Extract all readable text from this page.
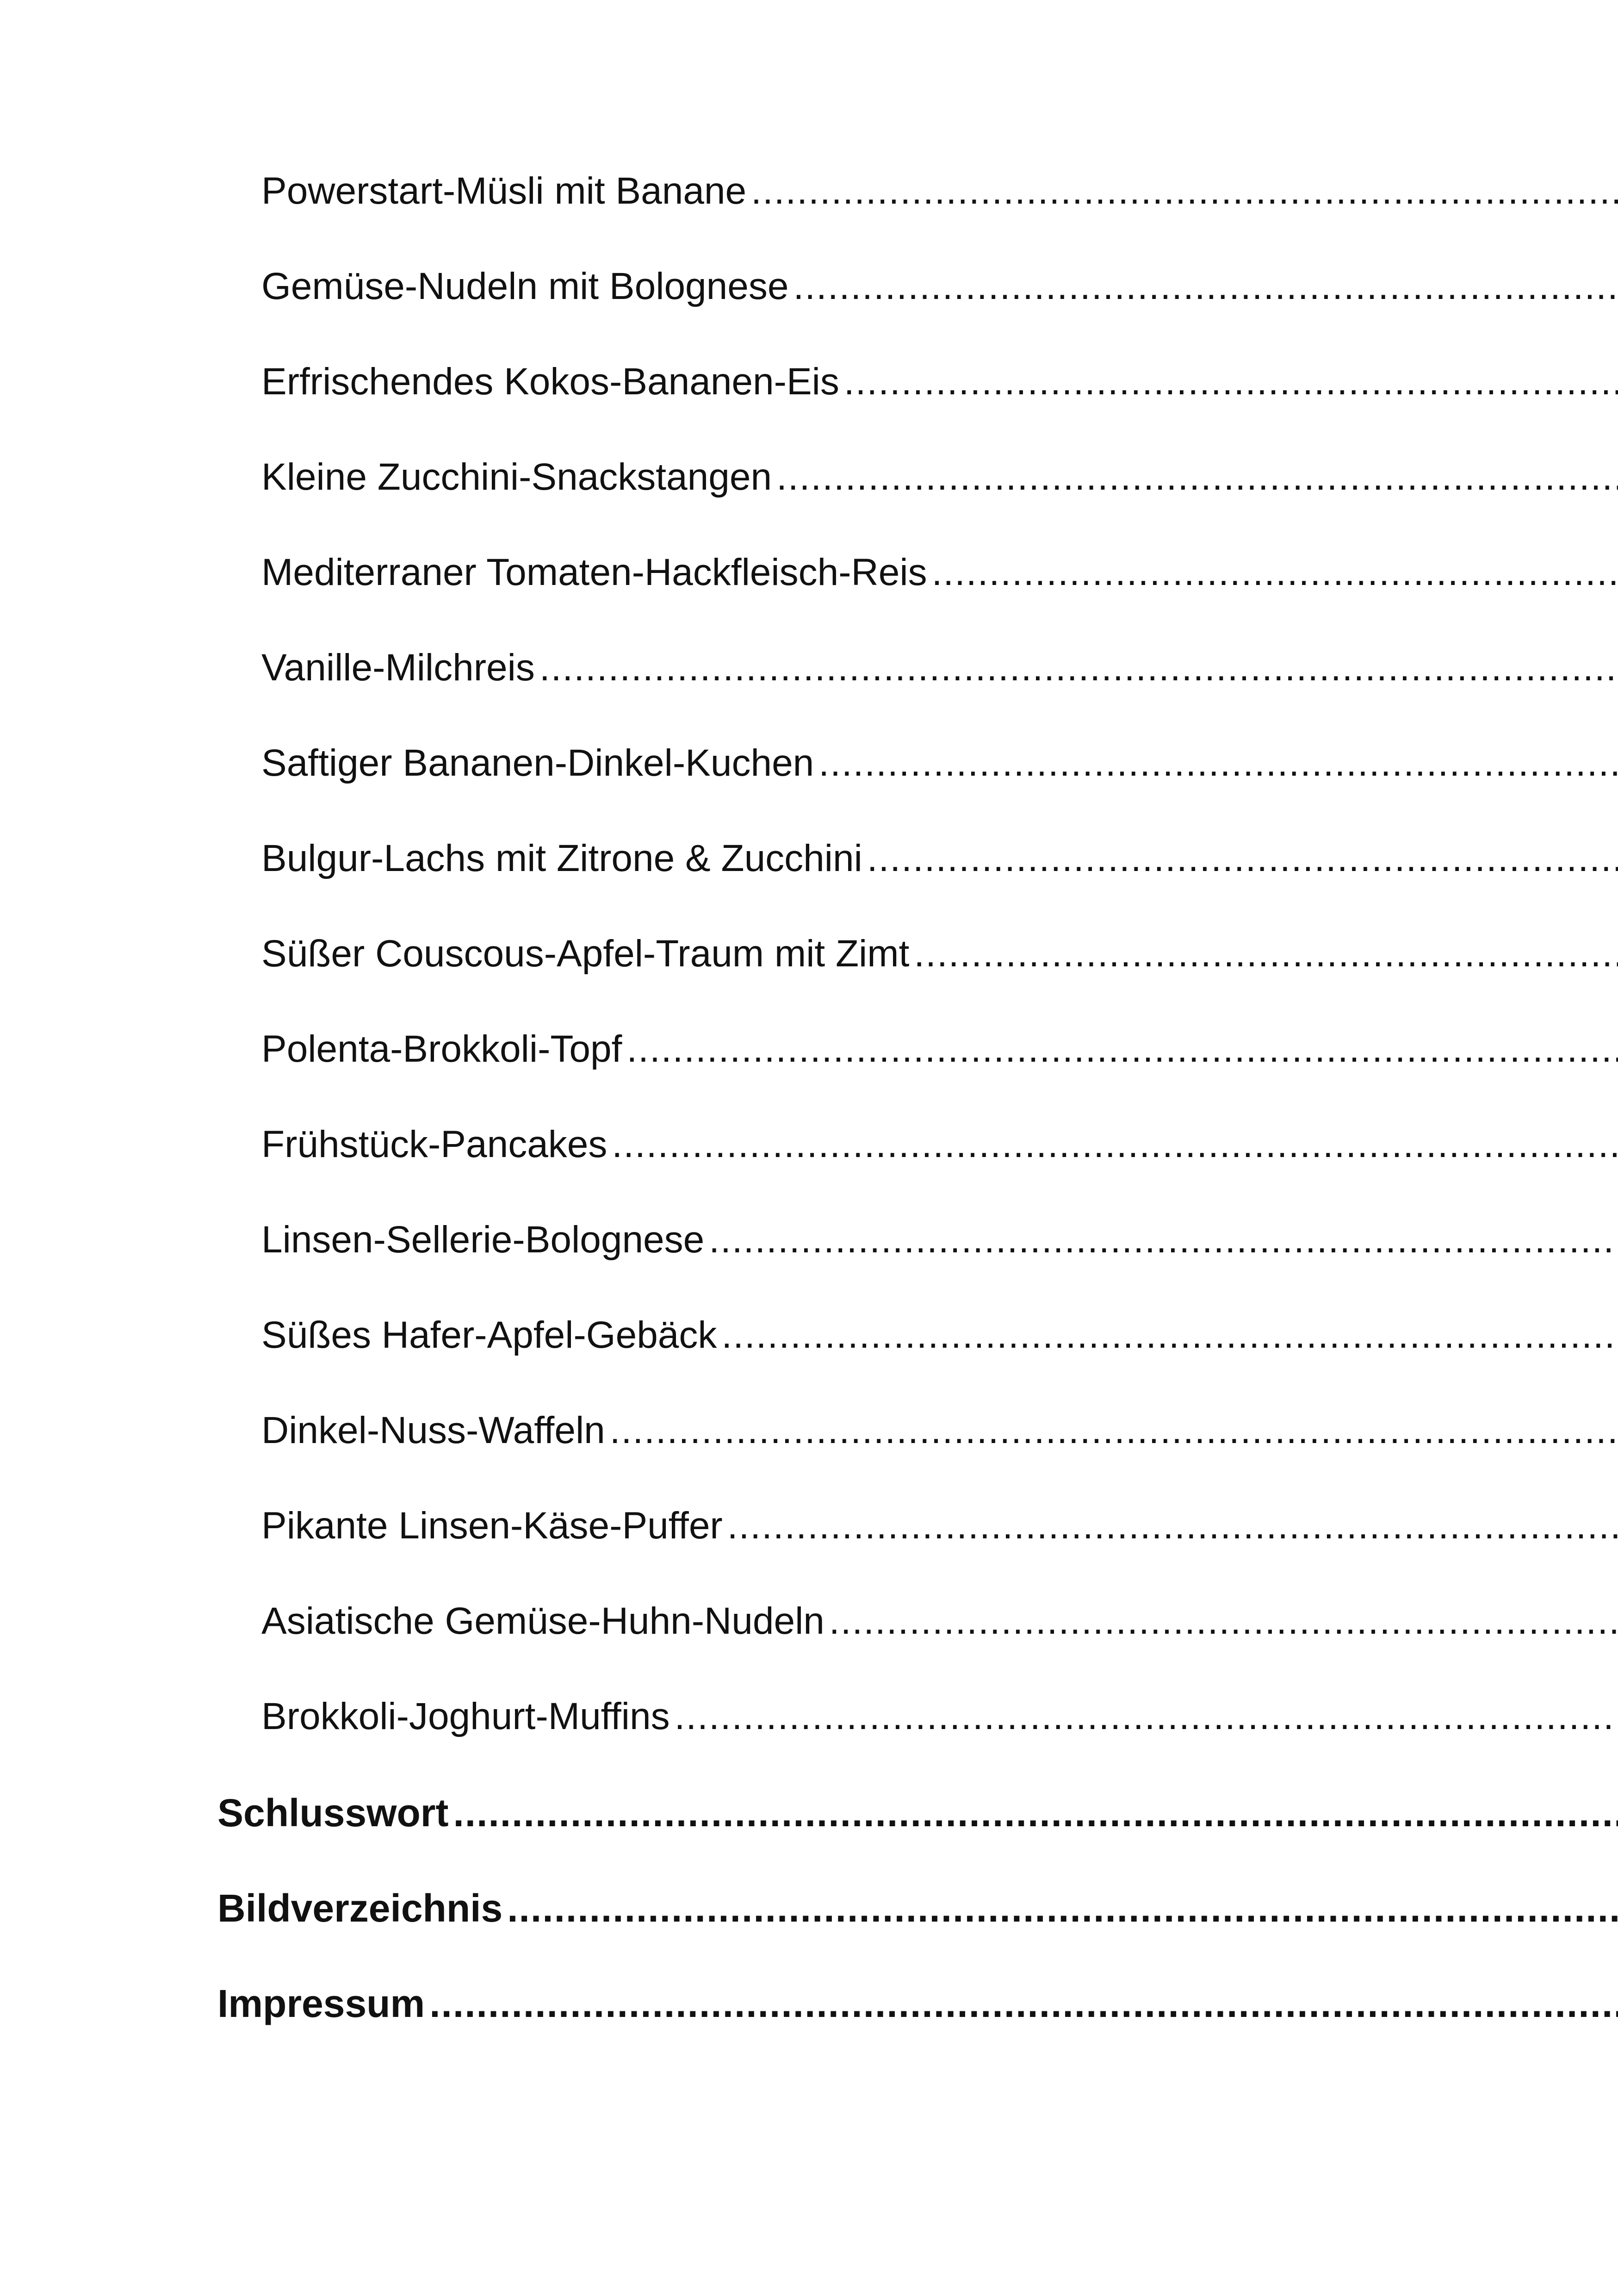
Powerstart-Müsli mit Banane
.....
Gemüse-Nudeln mit Bolognese
.....
Erfrischendes Kokos-Bananen-Eis
.....
Kleine Zucchini-Snackstangen
.....
Mediterraner Tomaten-Hackfleisch-Reis
.....
Vanille-Milchreis
.....
Saftiger Bananen-Dinkel-Kuchen
.....
Bulgur-Lachs mit Zitrone & Zucchini
.....
Süßer Couscous-Apfel-Traum mit Zimt
.....
Polenta-Brokkoli-Topf
.....
Frühstück-Pancakes
.....
Linsen-Sellerie-Bolognese
.....
Süßes Hafer-Apfel-Gebäck
.....
Dinkel-Nuss-Waffeln
.....
Pikante Linsen-Käse-Puffer
.....
Asiatische Gemüse-Huhn-Nudeln
.....
Brokkoli-Joghurt-Muffins
.....
Schlusswort
.....
Bildverzeichnis
.....
Impressum
.....
